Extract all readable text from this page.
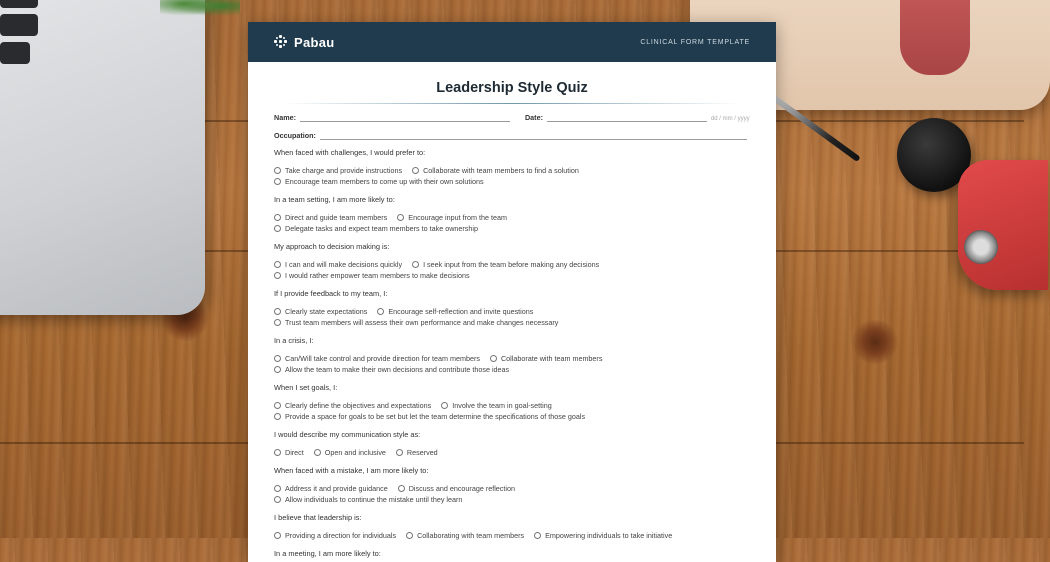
Pabau	CLINICAL FORM TEMPLATE
Leadership Style Quiz
Name:	Date:	dd / mm / yyyy
Occupation:
When faced with challenges, I would prefer to:
Take charge and provide instructions	Collaborate with team members to find a solution
Encourage team members to come up with their own solutions
In a team setting, I am more likely to:
Direct and guide team members	Encourage input from the team
Delegate tasks and expect team members to take ownership
My approach to decision making is:
I can and will make decisions quickly	I seek input from the team before making any decisions
I would rather empower team members to make decisions
If I provide feedback to my team, I:
Clearly state expectations	Encourage self-reflection and invite questions
Trust team members will assess their own performance and make changes necessary
In a crisis, I:
Can/Will take control and provide direction for team members	Collaborate with team members
Allow the team to make their own decisions and contribute those ideas
When I set goals, I:
Clearly define the objectives and expectations	Involve the team in goal-setting
Provide a space for goals to be set but let the team determine the specifications of those goals
I would describe my communication style as:
Direct	Open and inclusive	Reserved
When faced with a mistake, I am more likely to:
Address it and provide guidance	Discuss and encourage reflection
Allow individuals to continue the mistake until they learn
I believe that leadership is:
Providing a direction for individuals	Collaborating with team members	Empowering individuals to take initiative
In a meeting, I am more likely to:
